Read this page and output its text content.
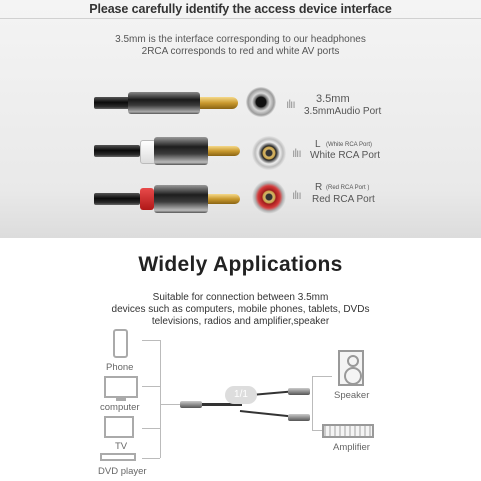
Please carefully identify the access device interface
3.5mm is the interface corresponding to our headphones
2RCA corresponds to red and white AV ports
ılıı 3.5mm
3.5mmAudio Port
ılıı
L (White RCA Port)
White RCA Port
ılıı
R (Red RCA Port )
Red RCA Port
Widely Applications
Suitable for connection between 3.5mm
devices such as computers, mobile phones, tablets, DVDs
televisions, radios and amplifier,speaker
Phone
computer
TV
DVD player
1/1	Speaker
Amplifier
